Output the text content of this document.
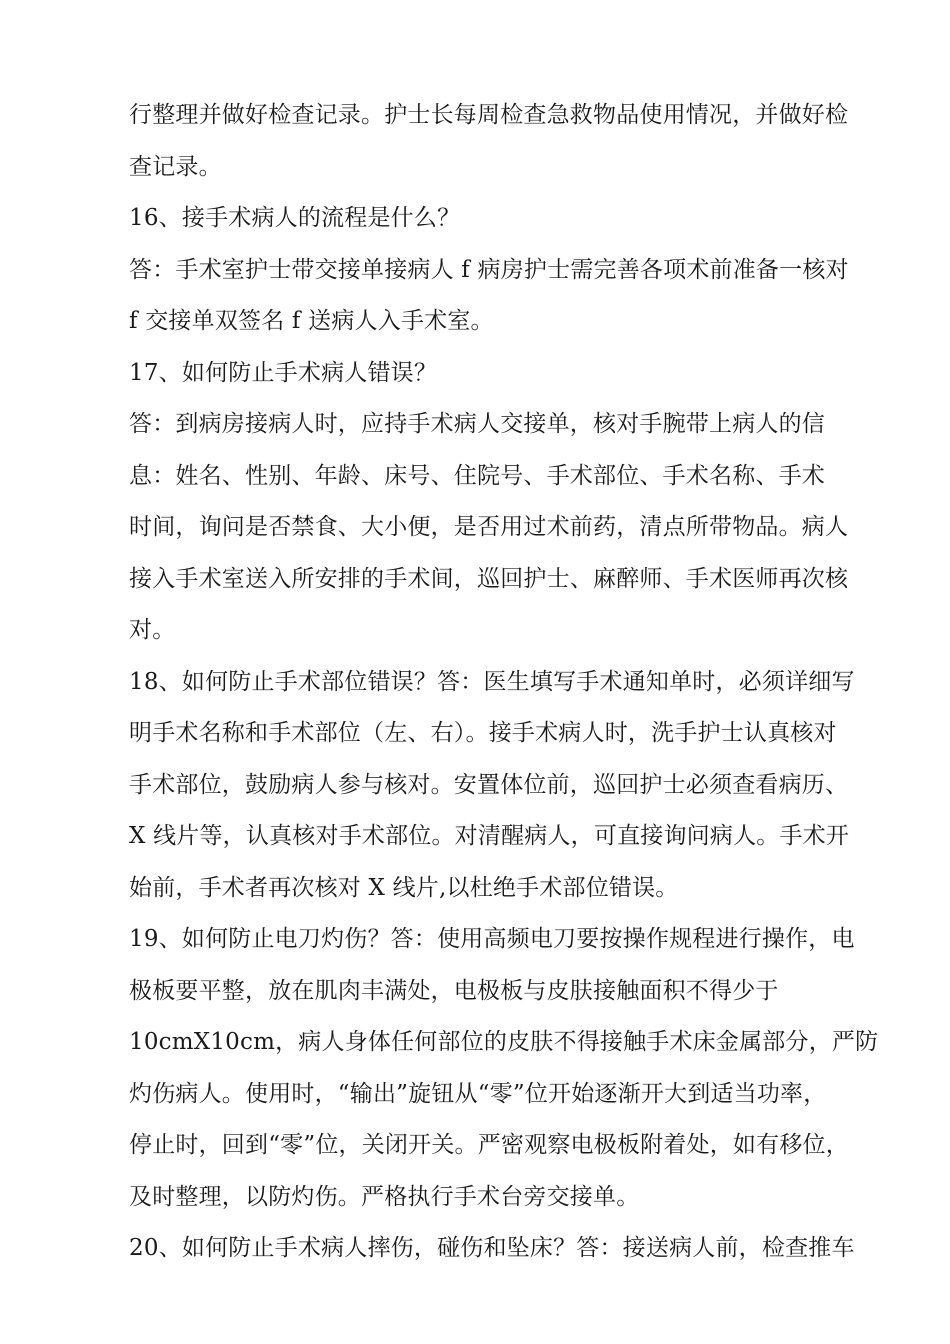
行整理并做好检查记录。护士长每周检查急救物品使用情况，并做好检
查记录。
16、接手术病人的流程是什么？
答：手术室护士带交接单接病人 f 病房护士需完善各项术前准备一核对
f 交接单双签名 f 送病人入手术室。
17、如何防止手术病人错误？
答：到病房接病人时，应持手术病人交接单，核对手腕带上病人的信
息：姓名、性别、年龄、床号、住院号、手术部位、手术名称、手术
时间，询问是否禁食、大小便，是否用过术前药，清点所带物品。病人
接入手术室送入所安排的手术间，巡回护士、麻醉师、手术医师再次核
对。
18、如何防止手术部位错误？答：医生填写手术通知单时，必须详细写
明手术名称和手术部位（左、右）。接手术病人时，洗手护士认真核对
手术部位，鼓励病人参与核对。安置体位前，巡回护士必须查看病历、
X 线片等，认真核对手术部位。对清醒病人，可直接询问病人。手术开
始前，手术者再次核对 X 线片,以杜绝手术部位错误。
19、如何防止电刀灼伤？答：使用高频电刀要按操作规程进行操作，电
极板要平整，放在肌肉丰满处，电极板与皮肤接触面积不得少于
10cmX10cm，病人身体任何部位的皮肤不得接触手术床金属部分，严防
灼伤病人。使用时，“输出”旋钮从“零”位开始逐渐开大到适当功率，
停止时，回到“零”位，关闭开关。严密观察电极板附着处，如有移位，
及时整理，以防灼伤。严格执行手术台旁交接单。
20、如何防止手术病人摔伤，碰伤和坠床？答：接送病人前，检查推车
